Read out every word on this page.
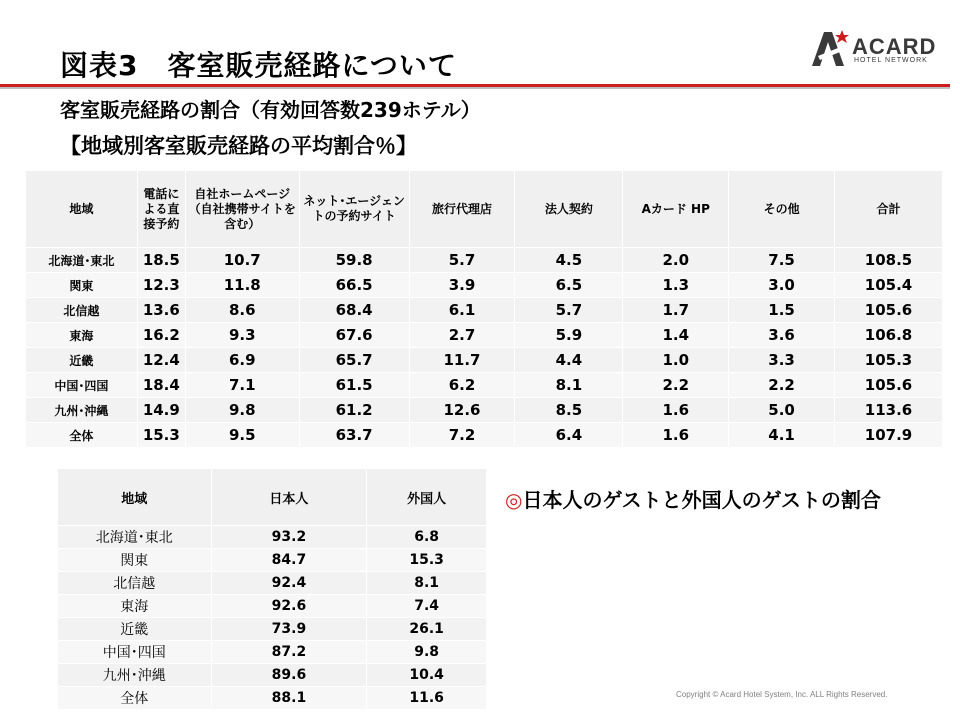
図表3　客室販売経路について
ACARD
HOTEL NETWORK
客室販売経路の割合（有効回答数239ホテル）
【地域別客室販売経路の平均割合％】
地域	電話による直接予約	自社ホームページ（自社携帯サイトを含む）	ネット･エージェントの予約サイト	旅行代理店	法人契約	Aカード HP	その他	合計
北海道･東北	18.5	10.7	59.8	5.7	4.5	2.0	7.5	108.5
関東	12.3	11.8	66.5	3.9	6.5	1.3	3.0	105.4
北信越	13.6	8.6	68.4	6.1	5.7	1.7	1.5	105.6
東海	16.2	9.3	67.6	2.7	5.9	1.4	3.6	106.8
近畿	12.4	6.9	65.7	11.7	4.4	1.0	3.3	105.3
中国･四国	18.4	7.1	61.5	6.2	8.1	2.2	2.2	105.6
九州･沖縄	14.9	9.8	61.2	12.6	8.5	1.6	5.0	113.6
全体	15.3	9.5	63.7	7.2	6.4	1.6	4.1	107.9
地域	日本人	外国人
北海道･東北	93.2	6.8
関東	84.7	15.3
北信越	92.4	8.1
東海	92.6	7.4
近畿	73.9	26.1
中国･四国	87.2	9.8
九州･沖縄	89.6	10.4
全体	88.1	11.6
◎日本人のゲストと外国人のゲストの割合
Copyright © Acard Hotel System, Inc. ALL Rights Reserved.
